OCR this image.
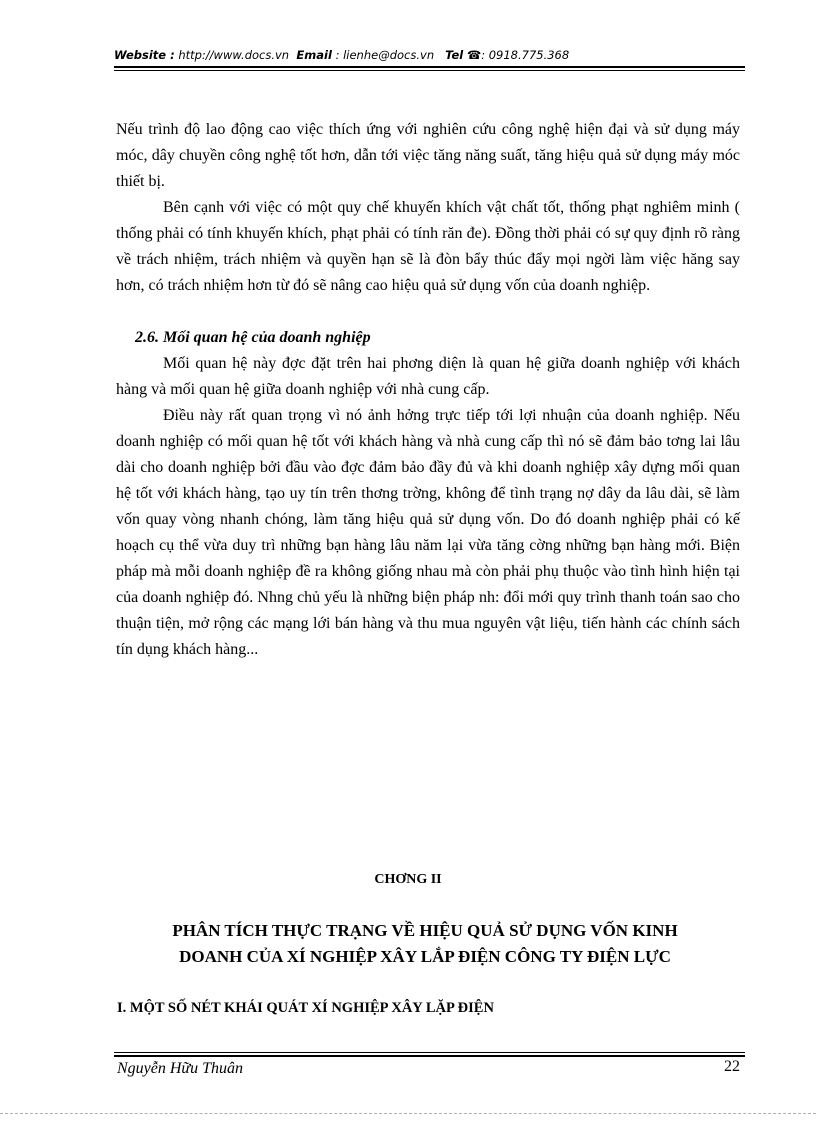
Website : http://www.docs.vn Email : lienhe@docs.vn Tel ☎: 0918.775.368

Nếu trình độ lao động cao việc thích ứng với nghiên cứu công nghệ hiện đại và sử dụng máy móc, dây chuyền công nghệ tốt hơn, dẫn tới việc tăng năng suất, tăng hiệu quả sử dụng máy móc thiết bị.

Bên cạnh với việc có một quy chế khuyến khích vật chất tốt, thống phạt nghiêm minh ( thống phải có tính khuyến khích, phạt phải có tính răn đe). Đồng thời phải có sự quy định rõ ràng về trách nhiệm, trách nhiệm và quyền hạn sẽ là đòn bẩy thúc đẩy mọi ngời làm việc hăng say hơn, có trách nhiệm hơn từ đó sẽ nâng cao hiệu quả sử dụng vốn của doanh nghiệp.

2.6. Mối quan hệ của doanh nghiệp

Mối quan hệ này đợc đặt trên hai phơng diện là quan hệ giữa doanh nghiệp với khách hàng và mối quan hệ giữa doanh nghiệp với nhà cung cấp.

Điều này rất quan trọng vì nó ảnh hởng trực tiếp tới lợi nhuận của doanh nghiệp. Nếu doanh nghiệp có mối quan hệ tốt với khách hàng và nhà cung cấp thì nó sẽ đảm bảo tơng lai lâu dài cho doanh nghiệp bởi đầu vào đợc đảm bảo đầy đủ và khi doanh nghiệp xây dựng mối quan hệ tốt với khách hàng, tạo uy tín trên thơng trờng, không để tình trạng nợ dây da lâu dài, sẽ làm vốn quay vòng nhanh chóng, làm tăng hiệu quả sử dụng vốn. Do đó doanh nghiệp phải có kế hoạch cụ thể vừa duy trì những bạn hàng lâu năm lại vừa tăng cờng những bạn hàng mới. Biện pháp mà mỗi doanh nghiệp đề ra không giống nhau mà còn phải phụ thuộc vào tình hình hiện tại của doanh nghiệp đó. Nhng chủ yếu là những biện pháp nh: đổi mới quy trình thanh toán sao cho thuận tiện, mở rộng các mạng lới bán hàng và thu mua nguyên vật liệu, tiến hành các chính sách tín dụng khách hàng...

CHƠNG II
PHÂN TÍCH THỰC TRẠNG VỀ HIỆU QUẢ SỬ DỤNG VỐN KINH
DOANH CỦA XÍ NGHIỆP XÂY LẮP ĐIỆN CÔNG TY ĐIỆN LỰC
I. MỘT SỐ NÉT KHÁI QUÁT XÍ NGHIỆP XÂY LẶP ĐIỆN
Nguyễn Hữu Thuân	22
